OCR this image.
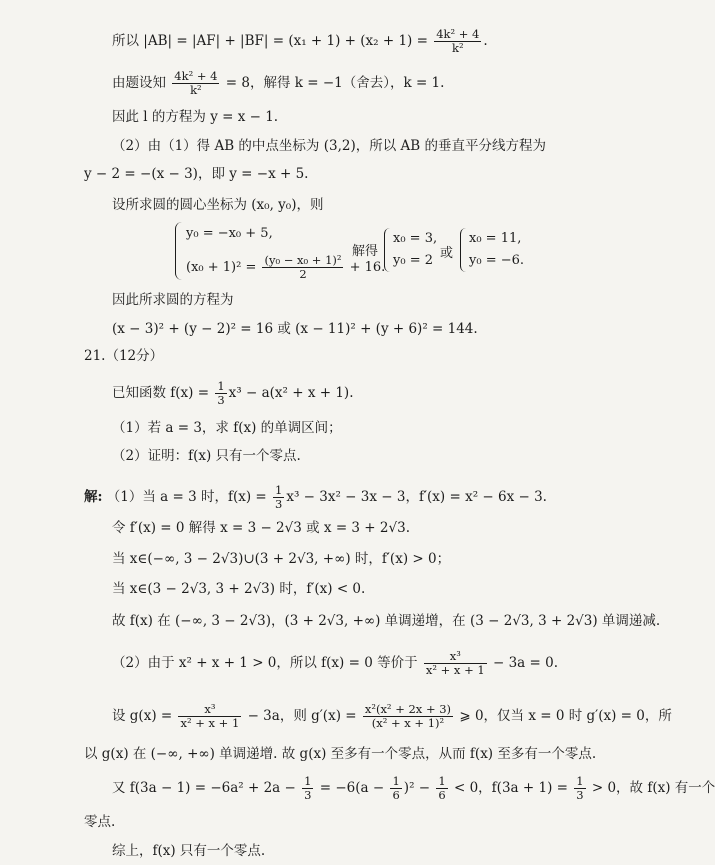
所以 $|AB| = |AF| + |BF| = (x_1 + 1) + (x_2 + 1) = \frac{\text{4k² + 4}}{\text{k²}}$ .
由题设知 $\frac{\text{4k² + 4}}{\text{k²}} = 8$，解得 k = −1（舍去），k = 1.
因此 l 的方程为 y = x − 1.
（2）由（1）得 AB 的中点坐标为 (3,2)，所以 AB 的垂直平分线方程为
y − 2 = −(x − 3)，即 y = −x + 5.
设所求圆的圆心坐标为 (x₀, y₀)，则
y₀ = −x₀ + 5,
$(x_0 + 1)^2 = \frac{\text{(y₀ − x₀ + 1)²}}{2} + 16$.
解得
x₀ = 3,
y₀ = 2 或
x₀ = 11,
y₀ = −6.
因此所求圆的方程为
(x − 3)² + (y − 2)² = 16 或 (x − 11)² + (y + 6)² = 144.
21.（12分）
已知函数 $f(x) = \frac{1}{3} x^3 - a(x^2 + x + 1)$.
（1）若 a = 3，求 f(x) 的单调区间；
（2）证明：f(x) 只有一个零点.
解: （1）当 a = 3 时，$f(x) = \frac{1}{3} x^3 - 3x^2 - 3x - 3$，f′(x) = x² − 6x − 3.
令 f′(x) = 0 解得 x = 3 − 2√3 或 x = 3 + 2√3.
当 x∈(−∞, 3 − 2√3)∪(3 + 2√3, +∞) 时，f′(x) > 0；
当 x∈(3 − 2√3, 3 + 2√3) 时，f′(x) < 0.
故 f(x) 在 (−∞, 3 − 2√3)，(3 + 2√3, +∞) 单调递增，在 (3 − 2√3, 3 + 2√3) 单调递减.
（2）由于 x² + x + 1 > 0，所以 f(x) = 0 等价于 $\frac{\text{x³}}{\text{x² + x + 1}} - 3a = 0$.
设 $g(x) = \frac{\text{x³}}{\text{x² + x + 1}} - 3a$，则 $g'(x) = \frac{\text{x²(x² + 2x + 3)}}{\text{(x² + x + 1)²}}$ ⩾ 0，仅当 x = 0 时 g′(x) = 0，所
以 g(x) 在 (−∞, +∞) 单调递增. 故 g(x) 至多有一个零点，从而 f(x) 至多有一个零点.
又 $f(3a - 1) = -6a^2 + 2a - \frac{1}{3} = -6(a - \frac{1}{6} )^2 - \frac{1}{6} < 0$，$f(3a + 1) = \frac{1}{3} > 0$，故 f(x) 有一个
零点.
综上，f(x) 只有一个零点.
